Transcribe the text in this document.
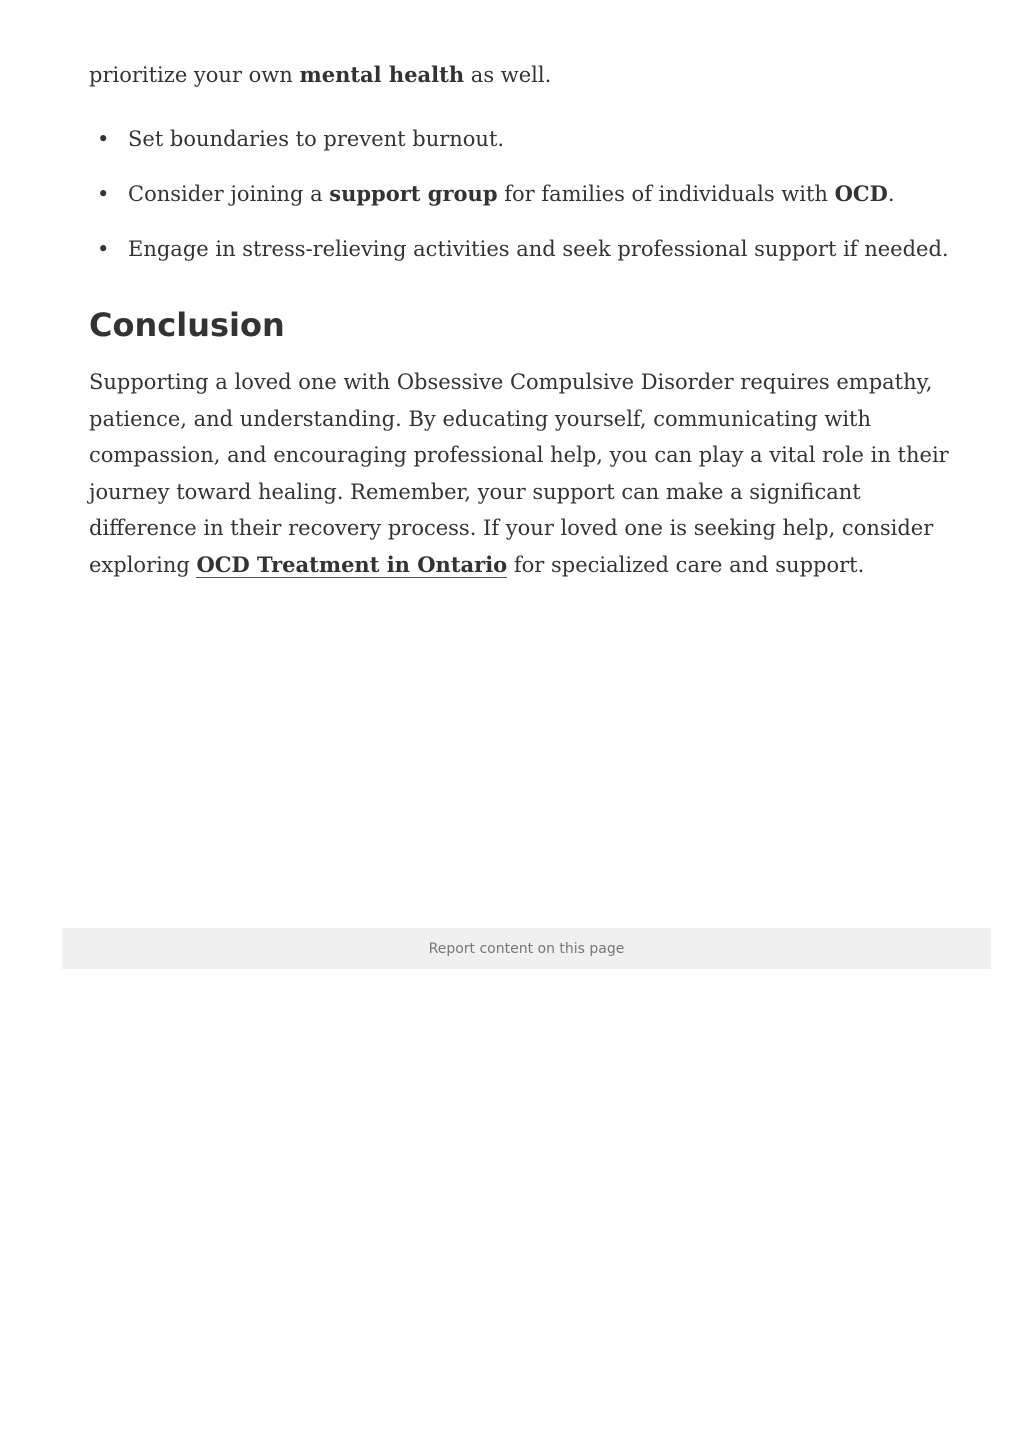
prioritize your own mental health as well.

• Set boundaries to prevent burnout.
• Consider joining a support group for families of individuals with OCD.
• Engage in stress-relieving activities and seek professional support if needed.
Conclusion

Supporting a loved one with Obsessive Compulsive Disorder requires empathy, patience, and understanding. By educating yourself, communicating with compassion, and encouraging professional help, you can play a vital role in their journey toward healing. Remember, your support can make a significant difference in their recovery process. If your loved one is seeking help, consider exploring OCD Treatment in Ontario for specialized care and support.

Report content on this page
